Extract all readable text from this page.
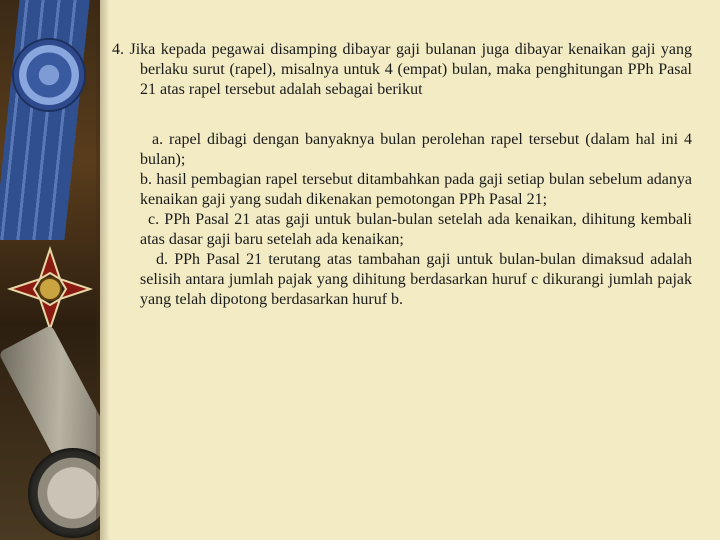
4. Jika kepada pegawai disamping dibayar gaji bulanan juga dibayar kenaikan gaji yang berlaku surut (rapel), misalnya untuk 4 (empat) bulan, maka penghitungan PPh Pasal 21 atas rapel tersebut adalah sebagai berikut

a. rapel dibagi dengan banyaknya bulan perolehan rapel tersebut (dalam hal ini 4 bulan);

b. hasil pembagian rapel tersebut ditambahkan pada gaji setiap bulan sebelum adanya kenaikan gaji yang sudah dikenakan pemotongan PPh Pasal 21;

c. PPh Pasal 21 atas gaji untuk bulan-bulan setelah ada kenaikan, dihitung kembali atas dasar gaji baru setelah ada kenaikan;

d. PPh Pasal 21 terutang atas tambahan gaji untuk bulan-bulan dimaksud adalah selisih antara jumlah pajak yang dihitung berdasarkan huruf c dikurangi jumlah pajak yang telah dipotong berdasarkan huruf b.
